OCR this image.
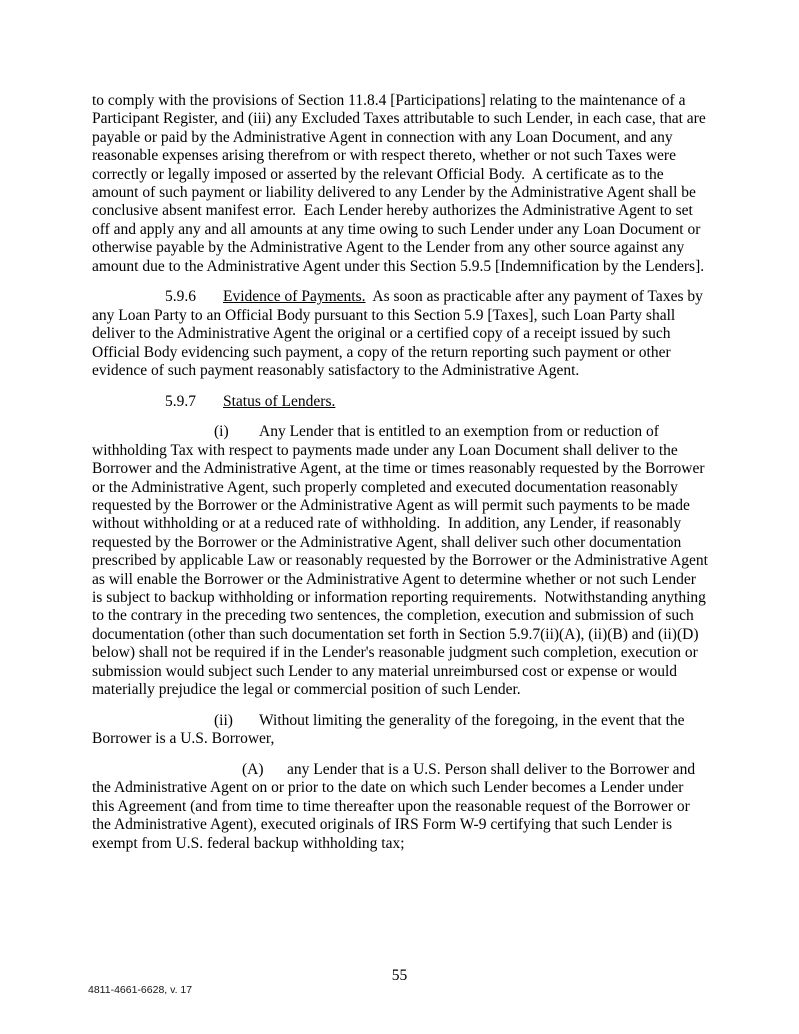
to comply with the provisions of Section 11.8.4 [Participations] relating to the maintenance of a Participant Register, and (iii) any Excluded Taxes attributable to such Lender, in each case, that are payable or paid by the Administrative Agent in connection with any Loan Document, and any reasonable expenses arising therefrom or with respect thereto, whether or not such Taxes were correctly or legally imposed or asserted by the relevant Official Body.  A certificate as to the amount of such payment or liability delivered to any Lender by the Administrative Agent shall be conclusive absent manifest error.  Each Lender hereby authorizes the Administrative Agent to set off and apply any and all amounts at any time owing to such Lender under any Loan Document or otherwise payable by the Administrative Agent to the Lender from any other source against any amount due to the Administrative Agent under this Section 5.9.5 [Indemnification by the Lenders].

5.9.6 Evidence of Payments.  As soon as practicable after any payment of Taxes by any Loan Party to an Official Body pursuant to this Section 5.9 [Taxes], such Loan Party shall deliver to the Administrative Agent the original or a certified copy of a receipt issued by such Official Body evidencing such payment, a copy of the return reporting such payment or other evidence of such payment reasonably satisfactory to the Administrative Agent.

5.9.7 Status of Lenders.

(i) Any Lender that is entitled to an exemption from or reduction of withholding Tax with respect to payments made under any Loan Document shall deliver to the Borrower and the Administrative Agent, at the time or times reasonably requested by the Borrower or the Administrative Agent, such properly completed and executed documentation reasonably requested by the Borrower or the Administrative Agent as will permit such payments to be made without withholding or at a reduced rate of withholding.  In addition, any Lender, if reasonably requested by the Borrower or the Administrative Agent, shall deliver such other documentation prescribed by applicable Law or reasonably requested by the Borrower or the Administrative Agent as will enable the Borrower or the Administrative Agent to determine whether or not such Lender is subject to backup withholding or information reporting requirements.  Notwithstanding anything to the contrary in the preceding two sentences, the completion, execution and submission of such documentation (other than such documentation set forth in Section 5.9.7(ii)(A), (ii)(B) and (ii)(D) below) shall not be required if in the Lender's reasonable judgment such completion, execution or submission would subject such Lender to any material unreimbursed cost or expense or would materially prejudice the legal or commercial position of such Lender.

(ii) Without limiting the generality of the foregoing, in the event that the Borrower is a U.S. Borrower,

(A) any Lender that is a U.S. Person shall deliver to the Borrower and the Administrative Agent on or prior to the date on which such Lender becomes a Lender under this Agreement (and from time to time thereafter upon the reasonable request of the Borrower or the Administrative Agent), executed originals of IRS Form W-9 certifying that such Lender is exempt from U.S. federal backup withholding tax;

55
4811-4661-6628, v. 17
